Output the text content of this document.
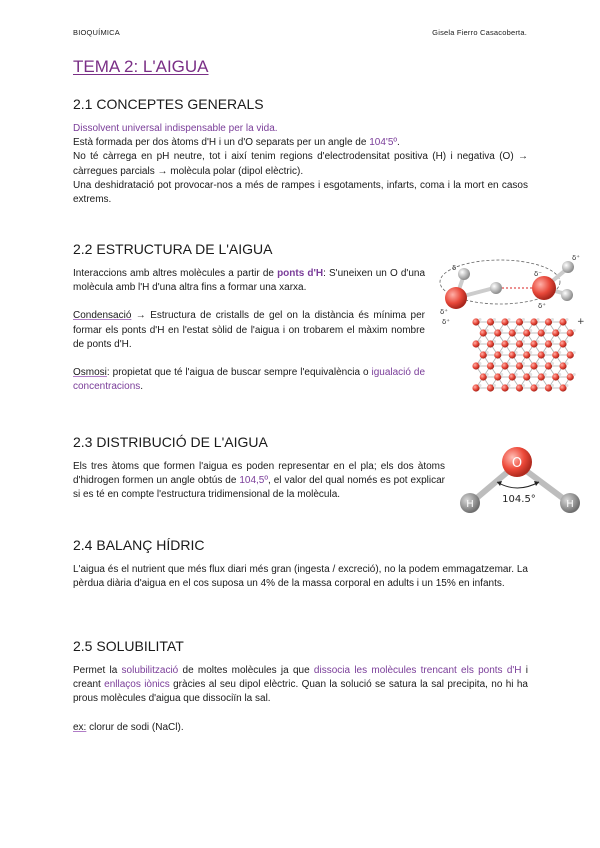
BIOQUÍMICA	Gisela Fierro Casacoberta.
TEMA 2: L'AIGUA
2.1 CONCEPTES GENERALS

Dissolvent universal indispensable per la vida.

Està formada per dos àtoms d'H i un d'O separats per un angle de 104'5º.

No té càrrega en pH neutre, tot i així tenim regions d'electrodensitat positiva (H) i negativa (O) → càrregues parcials → molècula polar (dipol elèctric).

Una deshidratació pot provocar-nos a més de rampes i esgotaments, infarts, coma i la mort en casos extrems.

2.2 ESTRUCTURA DE L'AIGUA

Interaccions amb altres molècules a partir de ponts d'H: S'uneixen un O d'una molècula amb l'H d'una altra fins a formar una xarxa.

Condensació → Estructura de cristalls de gel on la distància és mínima per formar els ponts d'H en l'estat sòlid de l'aigua i on trobarem el màxim nombre de ponts d'H.

Osmosi: propietat que té l'aigua de buscar sempre l'equivalència o igualació de concentracions.

δ⁻
δ⁺
δ⁻
δ⁺
δ⁺
δ⁺	+
2.3 DISTRIBUCIÓ DE L'AIGUA

Els tres àtoms que formen l'aigua es poden representar en el pla; els dos àtoms d'hidrogen formen un angle obtús de 104,5º, el valor del qual només es pot explicar si es té en compte l'estructura tridimensional de la molècula.

O
H	H
104.5°
2.4 BALANÇ HÍDRIC

L'aigua és el nutrient que més flux diari més gran (ingesta / excreció), no la podem emmagatzemar. La pèrdua diària d'aigua en el cos suposa un 4% de la massa corporal en adults i un 15% en infants.

2.5 SOLUBILITAT

Permet la solubilització de moltes molècules ja que dissocia les molècules trencant els ponts d'H i creant enllaços iònics gràcies al seu dipol elèctric. Quan la solució se satura la sal precipita, no hi ha prous molècules d'aigua que dissociïn la sal.

ex: clorur de sodi (NaCl).
